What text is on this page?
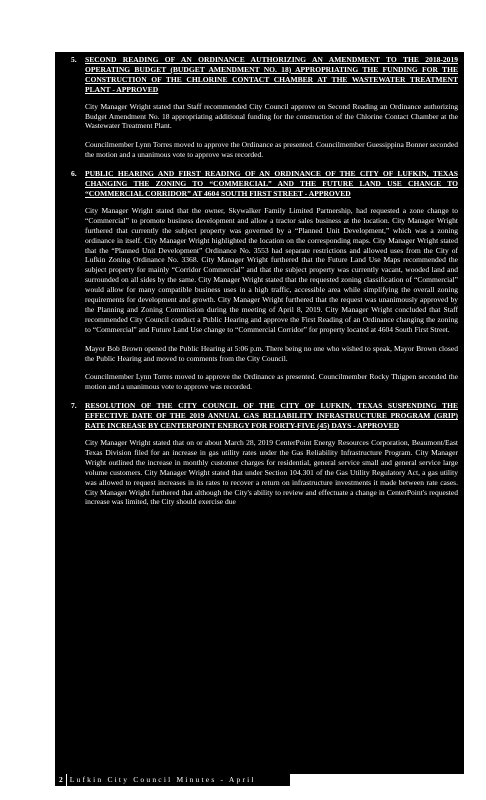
5.	SECOND READING OF AN ORDINANCE AUTHORIZING AN AMENDMENT TO THE 2018-2019 OPERATING BUDGET (BUDGET AMENDMENT NO. 18) APPROPRIATING THE FUNDING FOR THE CONSTRUCTION OF THE CHLORINE CONTACT CHAMBER AT THE WASTEWATER TREATMENT PLANT - APPROVED

City Manager Wright stated that Staff recommended City Council approve on Second Reading an Ordinance authorizing Budget Amendment No. 18 appropriating additional funding for the construction of the Chlorine Contact Chamber at the Wastewater Treatment Plant.

Councilmember Lynn Torres moved to approve the Ordinance as presented. Councilmember Guessippina Bonner seconded the motion and a unanimous vote to approve was recorded.

6.	PUBLIC HEARING AND FIRST READING OF AN ORDINANCE OF THE CITY OF LUFKIN, TEXAS CHANGING THE ZONING TO “COMMERCIAL” AND THE FUTURE LAND USE CHANGE TO “COMMERCIAL CORRIDOR” AT 4604 SOUTH FIRST STREET - APPROVED

City Manager Wright stated that the owner, Skywalker Family Limited Partnership, had requested a zone change to “Commercial” to promote business development and allow a tractor sales business at the location. City Manager Wright furthered that currently the subject property was governed by a “Planned Unit Development,” which was a zoning ordinance in itself. City Manager Wright highlighted the location on the corresponding maps. City Manager Wright stated that the “Planned Unit Development” Ordinance No. 3553 had separate restrictions and allowed uses from the City of Lufkin Zoning Ordinance No. 3368. City Manager Wright furthered that the Future Land Use Maps recommended the subject property for mainly “Corridor Commercial” and that the subject property was currently vacant, wooded land and surrounded on all sides by the same. City Manager Wright stated that the requested zoning classification of “Commercial” would allow for many compatible business uses in a high traffic, accessible area while simplifying the overall zoning requirements for development and growth. City Manager Wright furthered that the request was unanimously approved by the Planning and Zoning Commission during the meeting of April 8, 2019. City Manager Wright concluded that Staff recommended City Council conduct a Public Hearing and approve the First Reading of an Ordinance changing the zoning to “Commercial” and Future Land Use change to “Commercial Corridor” for property located at 4604 South First Street.

Mayor Bob Brown opened the Public Hearing at 5:06 p.m. There being no one who wished to speak, Mayor Brown closed the Public Hearing and moved to comments from the City Council.

Councilmember Lynn Torres moved to approve the Ordinance as presented. Councilmember Rocky Thigpen seconded the motion and a unanimous vote to approve was recorded.

7.	RESOLUTION OF THE CITY COUNCIL OF THE CITY OF LUFKIN, TEXAS SUSPENDING THE EFFECTIVE DATE OF THE 2019 ANNUAL GAS RELIABILITY INFRASTRUCTURE PROGRAM (GRIP) RATE INCREASE BY CENTERPOINT ENERGY FOR FORTY-FIVE (45) DAYS - APPROVED

City Manager Wright stated that on or about March 28, 2019 CenterPoint Energy Resources Corporation, Beaumont/East Texas Division filed for an increase in gas utility rates under the Gas Reliability Infrastructure Program. City Manager Wright outlined the increase in monthly customer charges for residential, general service small and general service large volume customers. City Manager Wright stated that under Section 104.301 of the Gas Utility Regulatory Act, a gas utility was allowed to request increases in its rates to recover a return on infrastructure investments it made between rate cases. City Manager Wright furthered that although the City's ability to review and effectuate a change in CenterPoint's requested increase was limited, the City should exercise due

2 Lufkin City Council Minutes - April
